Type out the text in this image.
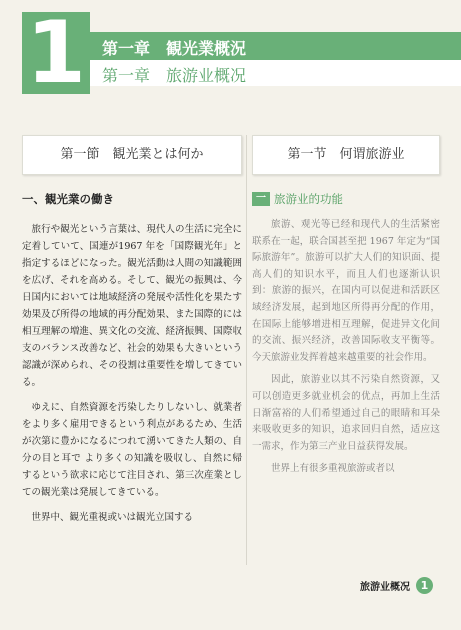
1 第一章　観光業概況
第一章　旅游业概况
第一節　観光業とは何か
一、観光業の働き

旅行や観光という言葉は、現代人の生活に完全に定着していて、国連が1967 年を「国際観光年」と指定するほどになった。観光活動は人間の知識範囲を広げ、それを高める。そして、観光の振興は、今日国内においては地域経済の発展や活性化を果たす効果及び所得の地域的再分配効果、また国際的には相互理解の増進、異文化の交流、経済振興、国際収支のバランス改善など、社会的効果も大きいという認識が深められ、その役割は重要性を増してきている。

ゆえに、自然資源を汚染したりしないし、就業者をより多く雇用できるという利点があるため、生活が次第に豊かになるにつれて湧いてきた人類の、自分の目と耳で より多くの知識を吸収し、自然に帰するという欲求に応じて注目され、第三次産業としての観光業は発展してきている。

世界中、観光重視或いは観光立国する

第一节　何谓旅游业
一 旅游业的功能

旅游、观光等已经和现代人的生活紧密联系在一起，联合国甚至把 1967 年定为“国际旅游年”。旅游可以扩大人们的知识面、提高人们的知识水平，而且人们也逐渐认识到：旅游的振兴，在国内可以促进和活跃区域经济发展，起到地区所得再分配的作用，在国际上能够增进相互理解，促进异文化间的交流、振兴经济，改善国际收支平衡等。今天旅游业发挥着越来越重要的社会作用。

因此，旅游业以其不污染自然资源，又可以创造更多就业机会的优点，再加上生活日渐富裕的人们希望通过自己的眼睛和耳朵来吸收更多的知识，追求回归自然，适应这一需求，作为第三产业日益获得发展。

世界上有很多重视旅游或者以

旅游业概况 1
